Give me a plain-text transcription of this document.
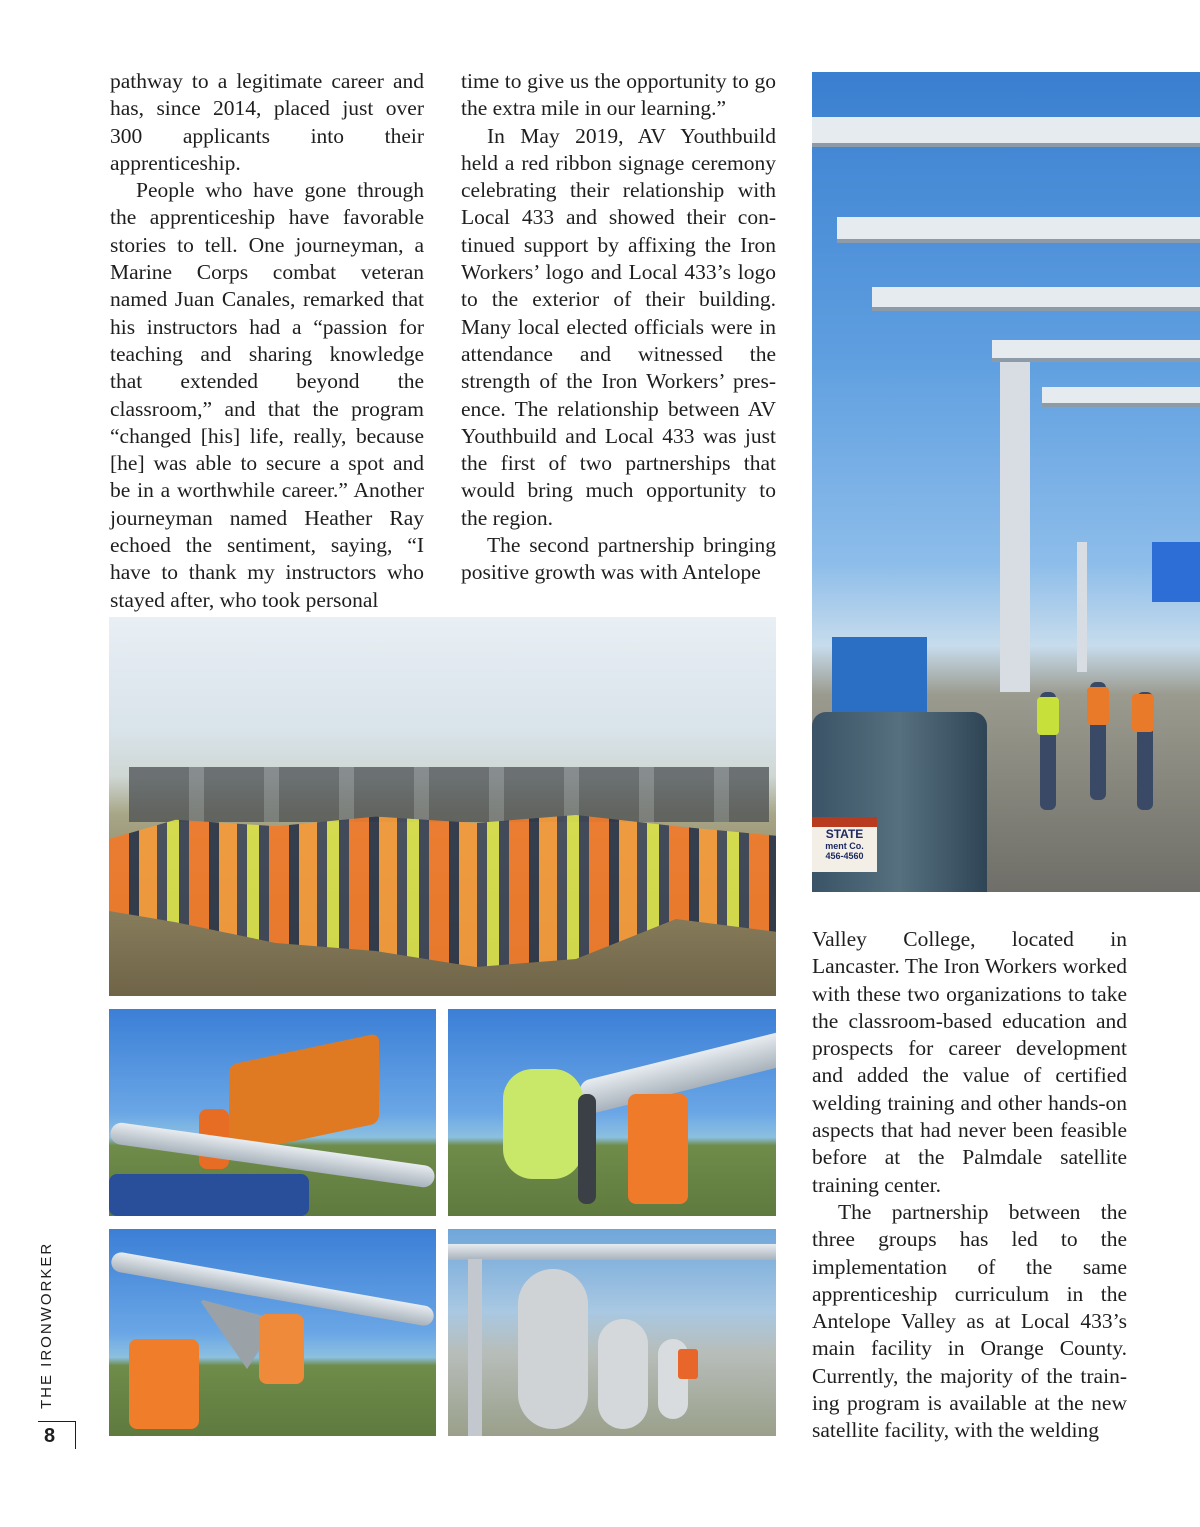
pathway to a legitimate career and has, since 2014, placed just over 300 applicants into their apprenticeship.

People who have gone through the apprenticeship have favorable stories to tell. One journeyman, a Marine Corps combat veteran named Juan Canales, remarked that his instructors had a “passion for teaching and sharing knowledge that extended beyond the classroom,” and that the program “changed [his] life, really, because [he] was able to secure a spot and be in a worthwhile career.” Another journeyman named Heather Ray echoed the sentiment, saying, “I have to thank my instructors who stayed after, who took personal

time to give us the opportunity to go the extra mile in our learning.”

In May 2019, AV Youthbuild held a red ribbon signage ceremony celebrating their relationship with Local 433 and showed their continued support by affixing the Iron Workers’ logo and Local 433’s logo to the exterior of their building. Many local elected officials were in attendance and witnessed the strength of the Iron Workers’ presence. The relationship between AV Youthbuild and Local 433 was just the first of two partnerships that would bring much opportunity to the region.

The second partnership bringing positive growth was with Antelope

STATE
ment Co.
456-4560

Valley College, located in Lancaster. The Iron Workers worked with these two organizations to take the classroom-based education and prospects for career development and added the value of certified welding training and other hands-on aspects that had never been feasible before at the Palmdale satellite training center.

The partnership between the three groups has led to the implementation of the same apprenticeship curriculum in the Antelope Valley as at Local 433’s main facility in Orange County. Currently, the majority of the training program is available at the new satellite facility, with the welding

THE IRONWORKER
8
